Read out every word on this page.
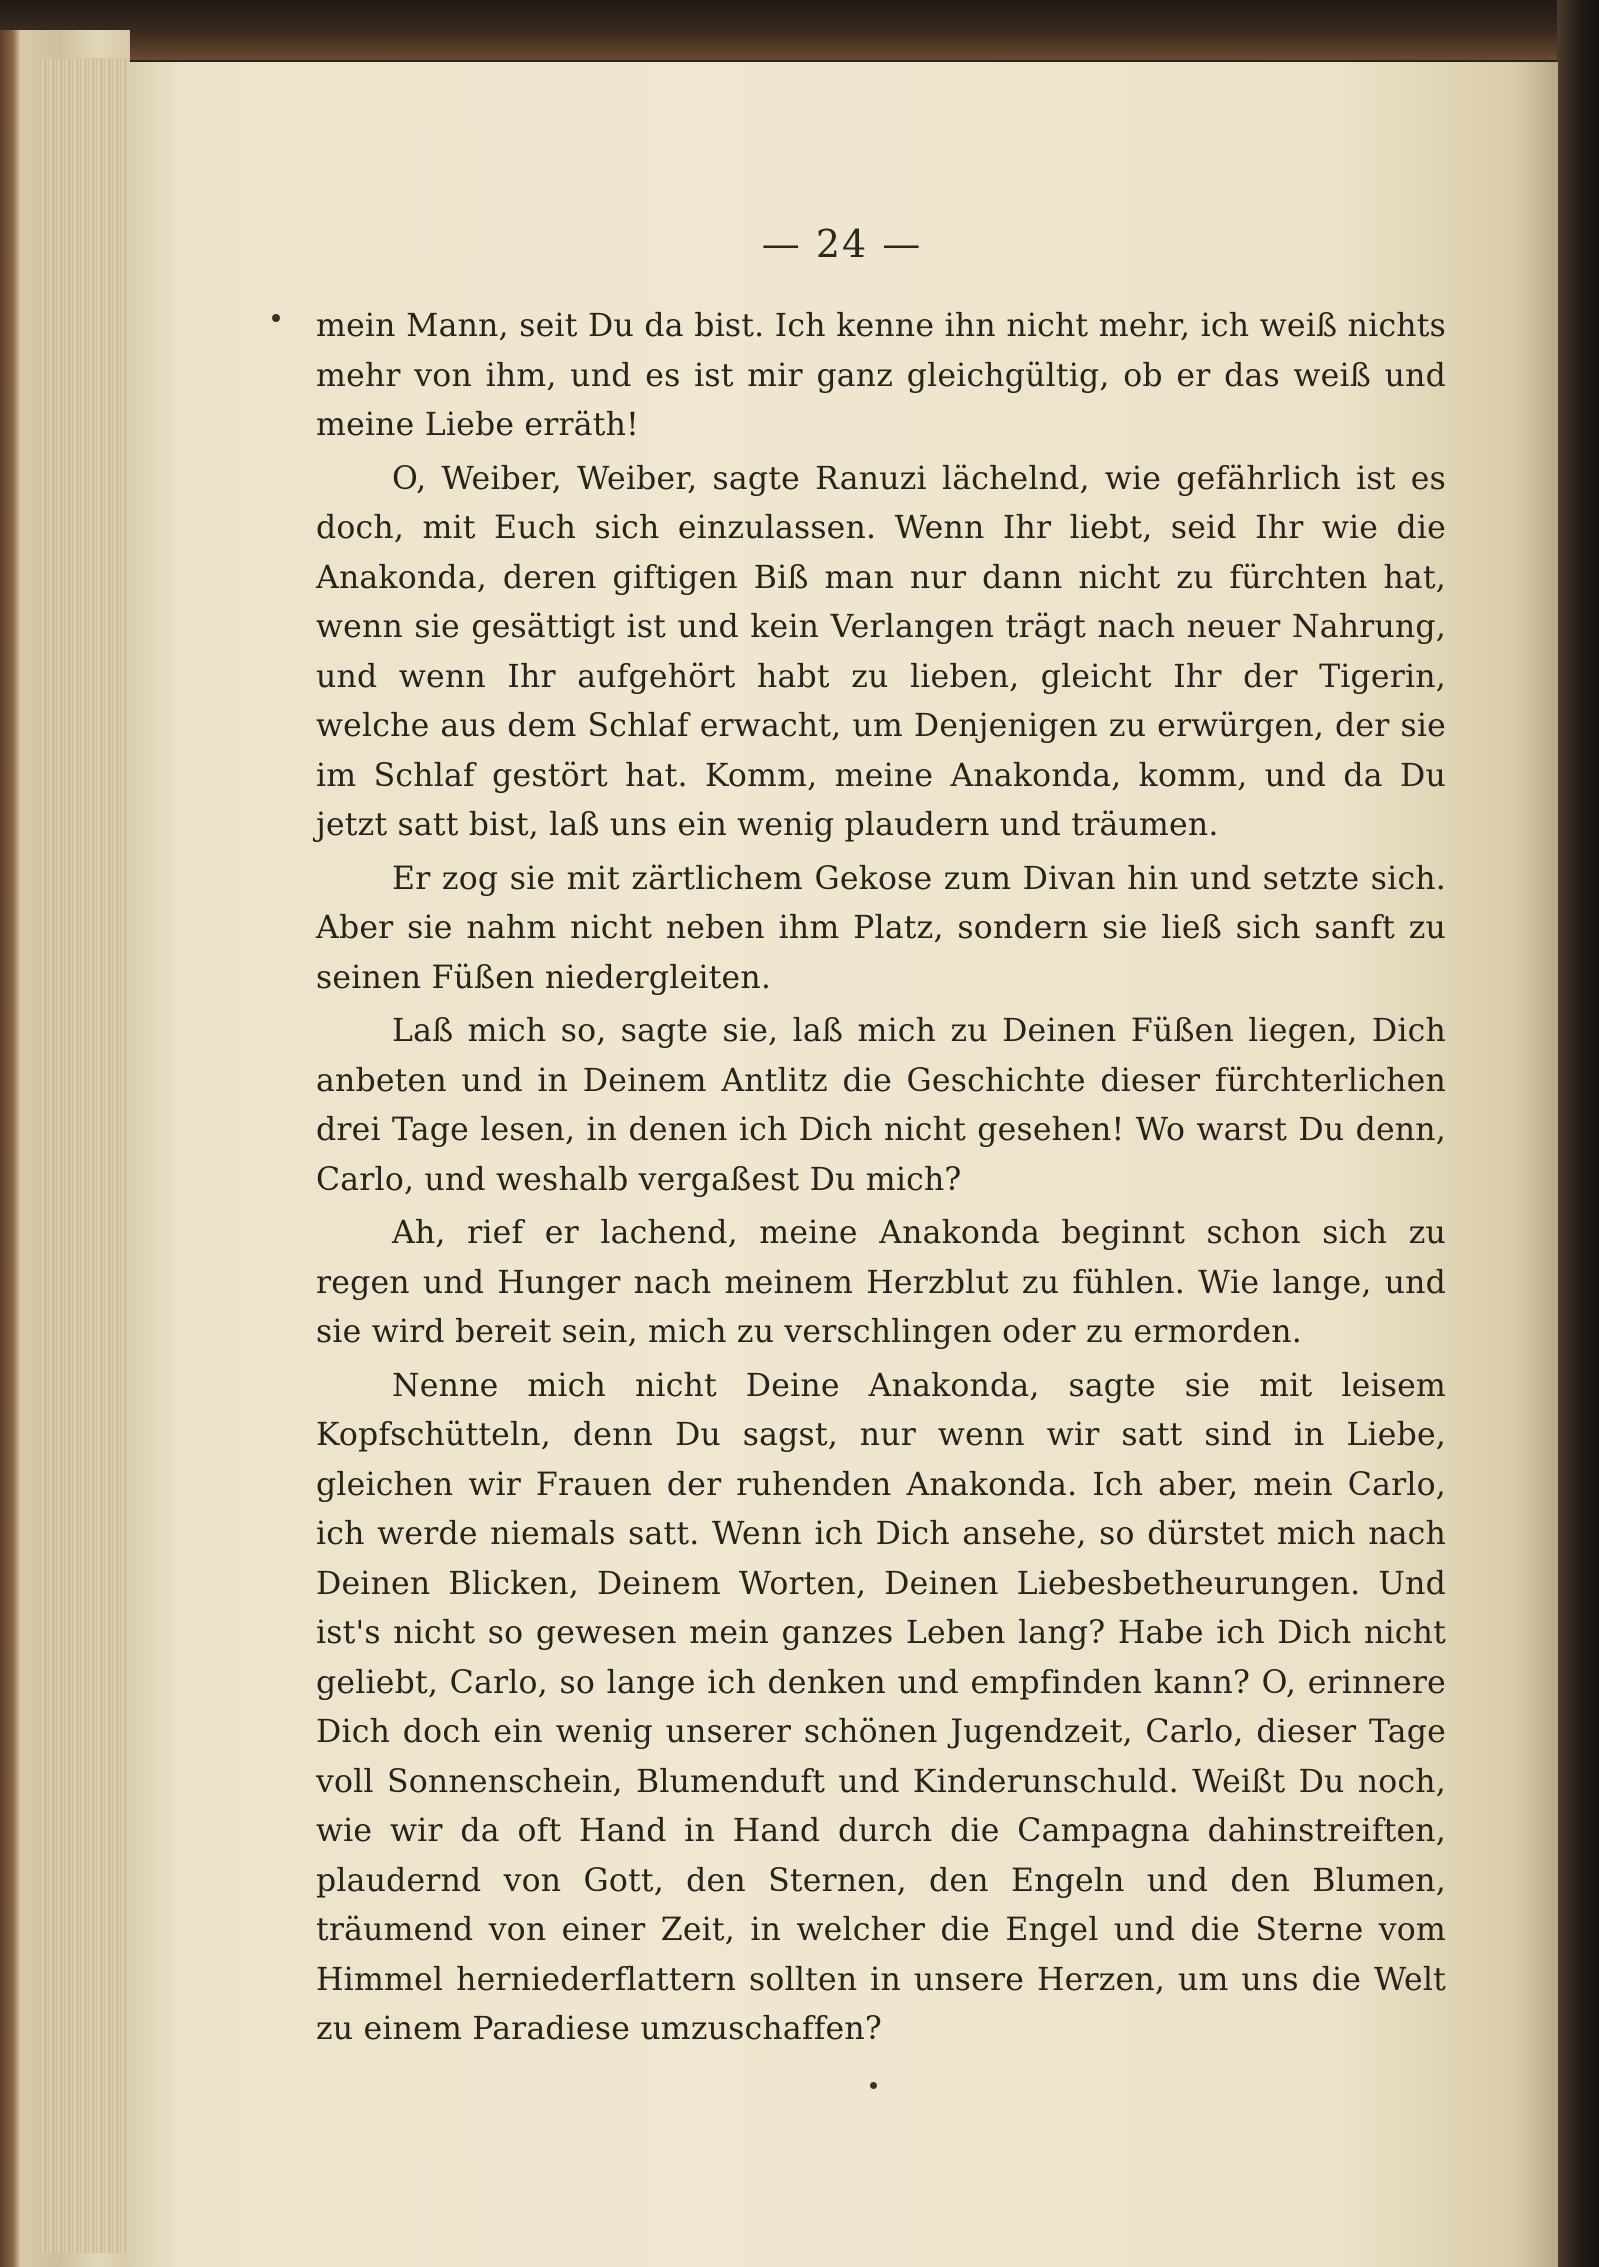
— 24 —

mein Mann, seit Du da bist. Ich kenne ihn nicht mehr, ich weiß nichts mehr von ihm, und es ist mir ganz gleichgültig, ob er das weiß und meine Liebe erräth!

O, Weiber, Weiber, sagte Ranuzi lächelnd, wie gefährlich ist es doch, mit Euch sich einzulassen. Wenn Ihr liebt, seid Ihr wie die Anakonda, deren giftigen Biß man nur dann nicht zu fürchten hat, wenn sie gesättigt ist und kein Verlangen trägt nach neuer Nahrung, und wenn Ihr aufgehört habt zu lieben, gleicht Ihr der Tigerin, welche aus dem Schlaf erwacht, um Denjenigen zu erwürgen, der sie im Schlaf gestört hat. Komm, meine Anakonda, komm, und da Du jetzt satt bist, laß uns ein wenig plaudern und träumen.

Er zog sie mit zärtlichem Gekose zum Divan hin und setzte sich. Aber sie nahm nicht neben ihm Platz, sondern sie ließ sich sanft zu seinen Füßen niedergleiten.

Laß mich so, sagte sie, laß mich zu Deinen Füßen liegen, Dich anbeten und in Deinem Antlitz die Geschichte dieser fürchterlichen drei Tage lesen, in denen ich Dich nicht gesehen! Wo warst Du denn, Carlo, und weshalb vergaßest Du mich?

Ah, rief er lachend, meine Anakonda beginnt schon sich zu regen und Hunger nach meinem Herzblut zu fühlen. Wie lange, und sie wird bereit sein, mich zu verschlingen oder zu ermorden.

Nenne mich nicht Deine Anakonda, sagte sie mit leisem Kopfschütteln, denn Du sagst, nur wenn wir satt sind in Liebe, gleichen wir Frauen der ruhenden Anakonda. Ich aber, mein Carlo, ich werde niemals satt. Wenn ich Dich ansehe, so dürstet mich nach Deinen Blicken, Deinem Worten, Deinen Liebesbetheurungen. Und ist's nicht so gewesen mein ganzes Leben lang? Habe ich Dich nicht geliebt, Carlo, so lange ich denken und empfinden kann? O, erinnere Dich doch ein wenig unserer schönen Jugendzeit, Carlo, dieser Tage voll Sonnenschein, Blumenduft und Kinderunschuld. Weißt Du noch, wie wir da oft Hand in Hand durch die Campagna dahinstreiften, plaudernd von Gott, den Sternen, den Engeln und den Blumen, träumend von einer Zeit, in welcher die Engel und die Sterne vom Himmel herniederflattern sollten in unsere Herzen, um uns die Welt zu einem Paradiese umzuschaffen?
